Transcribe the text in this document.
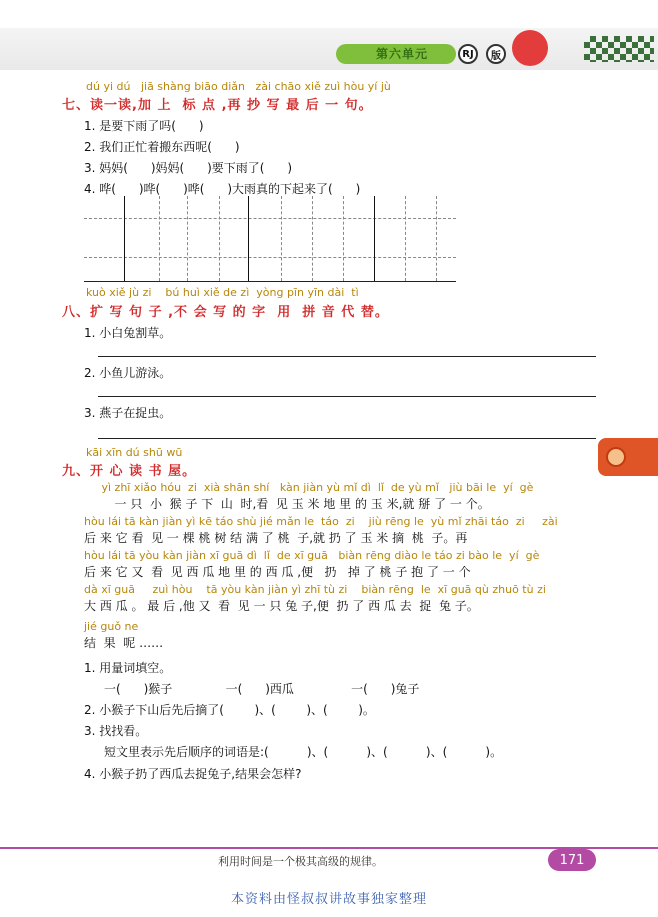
第六单元	RJ	版
dú yi dú   jiā shàng biāo diǎn   zài chāo xiě zuì hòu yí jù
七、读一读,加 上  标 点 ,再 抄 写 最 后 一 句。
1. 是要下雨了吗(      )
2. 我们正忙着搬东西呢(      )
3. 妈妈(      )妈妈(      )要下雨了(      )
4. 哗(      )哗(      )哗(      )大雨真的下起来了(      )
kuò xiě jù zi    bú huì xiě de zì  yòng pīn yīn dài  tì
八、扩 写 句 子 ,不 会 写 的 字  用  拼 音 代 替。
1. 小白兔割草。
2. 小鱼儿游泳。
3. 燕子在捉虫。
kāi xīn dú shū wū
九、开 心 读 书 屋。
yì zhī xiǎo hóu  zi  xià shān shí   kàn jiàn yù mǐ dì  lǐ  de yù mǐ   jiù bāi le  yí  gè
一 只  小  猴 子 下  山  时,看  见 玉 米 地 里 的 玉 米,就 掰 了 一 个。
hòu lái tā kàn jiàn yì kē táo shù jié mǎn le  táo  zi    jiù rēng le  yù mǐ zhāi táo  zi     zài
后 来 它 看  见 一 棵 桃 树 结 满 了 桃  子,就 扔 了 玉 米 摘  桃  子。再
hòu lái tā yòu kàn jiàn xī guā dì  lǐ  de xī guā   biàn rēng diào le táo zi bào le  yí  gè
后 来 它 又  看  见 西 瓜 地 里 的 西 瓜 ,便   扔   掉 了 桃 子 抱 了 一 个
dà xī guā     zuì hòu    tā yòu kàn jiàn yì zhī tù zi    biàn rēng  le  xī guā qù zhuō tù zi
大 西 瓜 。 最 后 ,他 又  看  见 一 只 兔 子,便  扔 了 西 瓜 去  捉  兔 子。
jié guǒ ne
结  果  呢 ……
1. 用量词填空。
一(      )猴子              一(      )西瓜               一(      )兔子
2. 小猴子下山后先后摘了(        )、(        )、(        )。
3. 找找看。
短文里表示先后顺序的词语是:(          )、(          )、(          )、(          )。
4. 小猴子扔了西瓜去捉兔子,结果会怎样?
利用时间是一个极其高级的规律。	171
本资料由怪叔叔讲故事独家整理
